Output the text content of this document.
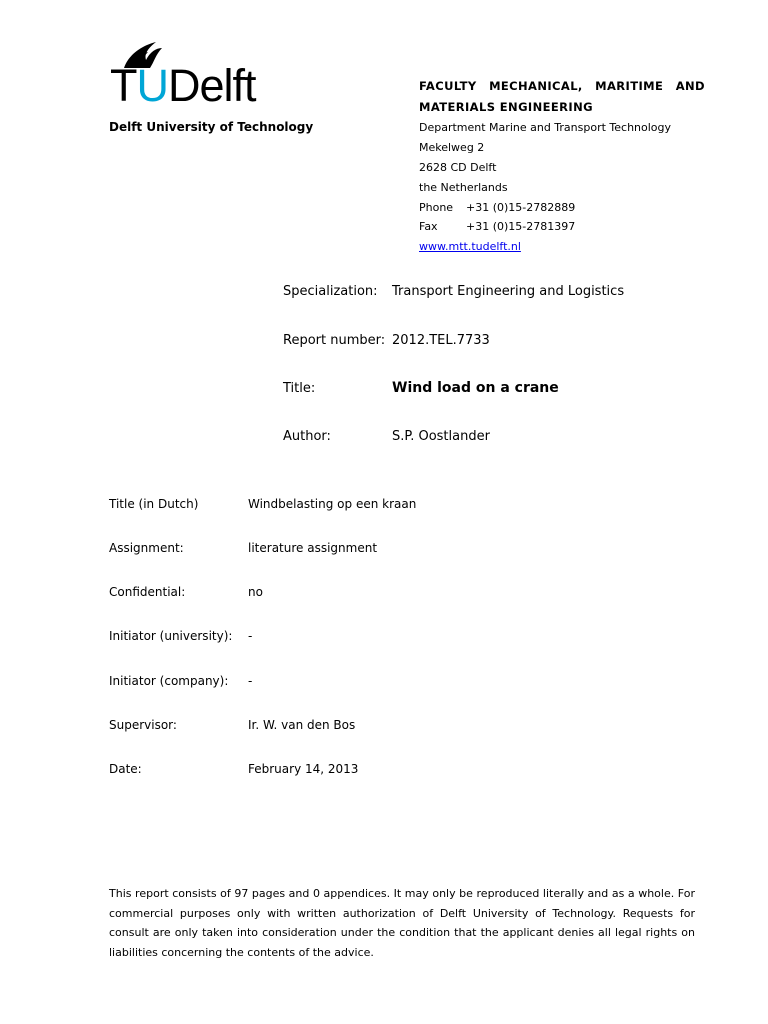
TUDelft
Delft University of Technology
FACULTY MECHANICAL, MARITIME AND MATERIALS ENGINEERING
Department Marine and Transport Technology
Mekelweg 2
2628 CD Delft
the Netherlands
Phone +31 (0)15-2782889
Fax	+31 (0)15-2781397
www.mtt.tudelft.nl
Specialization: Transport Engineering and Logistics
Report number: 2012.TEL.7733
Title:	Wind load on a crane
Author:	S.P. Oostlander
Title (in Dutch)	Windbelasting op een kraan
Assignment:	literature assignment
Confidential:	no
Initiator (university): -
Initiator (company): -
Supervisor:	Ir. W. van den Bos
Date:	February 14, 2013
This report consists of 97 pages and 0 appendices. It may only be reproduced literally and as a whole. For commercial purposes only with written authorization of Delft University of Technology. Requests for consult are only taken into consideration under the condition that the applicant denies all legal rights on liabilities concerning the contents of the advice.
